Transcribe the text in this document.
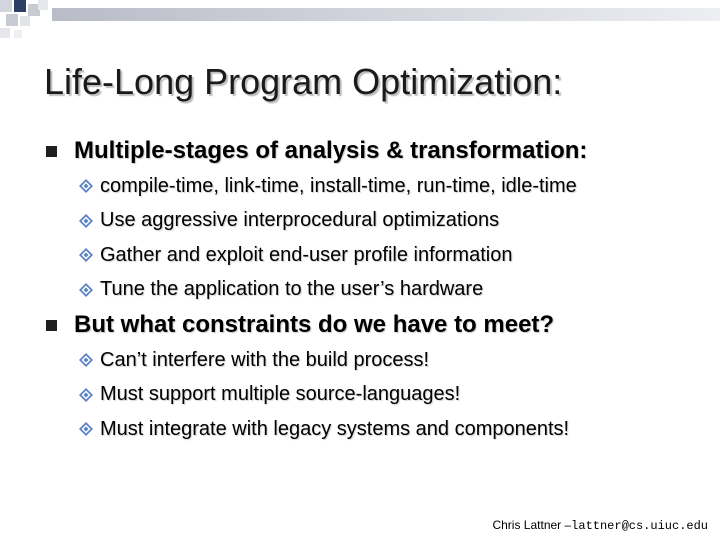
Life-Long Program Optimization:
Multiple-stages of analysis & transformation:
compile-time, link-time, install-time, run-time, idle-time
Use aggressive interprocedural optimizations
Gather and exploit end-user profile information
Tune the application to the user’s hardware
But what constraints do we have to meet?
Can’t interfere with the build process!
Must support multiple source-languages!
Must integrate with legacy systems and components!
Chris Lattner – lattner@cs.uiuc.edu
